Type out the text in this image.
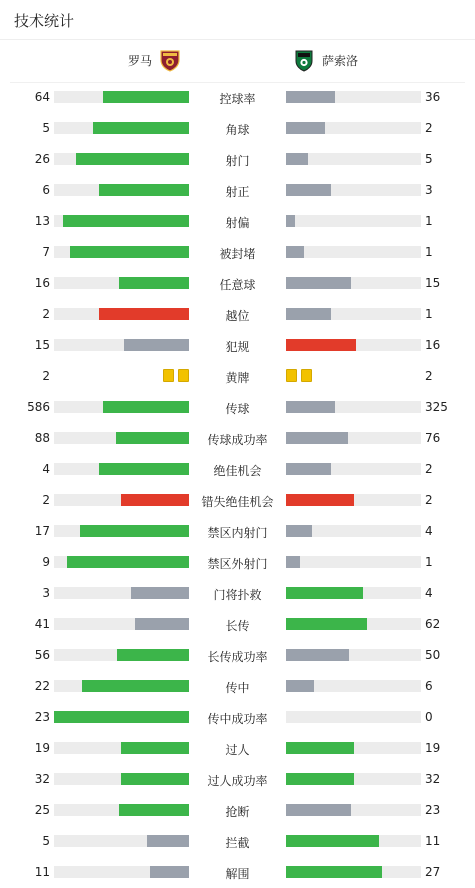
技术统计
罗马	萨索洛
64	控球率	36
5	角球	2
26	射门	5
6	射正	3
13	射偏	1
7	被封堵	1
16	任意球	15
2	越位	1
15	犯规	16
2	黄牌	2
586	传球	325
88	传球成功率	76
4	绝佳机会	2
2	错失绝佳机会	2
17	禁区内射门	4
9	禁区外射门	1
3	门将扑救	4
41	长传	62
56	长传成功率	50
22	传中	6
23	传中成功率	0
19	过人	19
32	过人成功率	32
25	抢断	23
5	拦截	11
11	解围	27
